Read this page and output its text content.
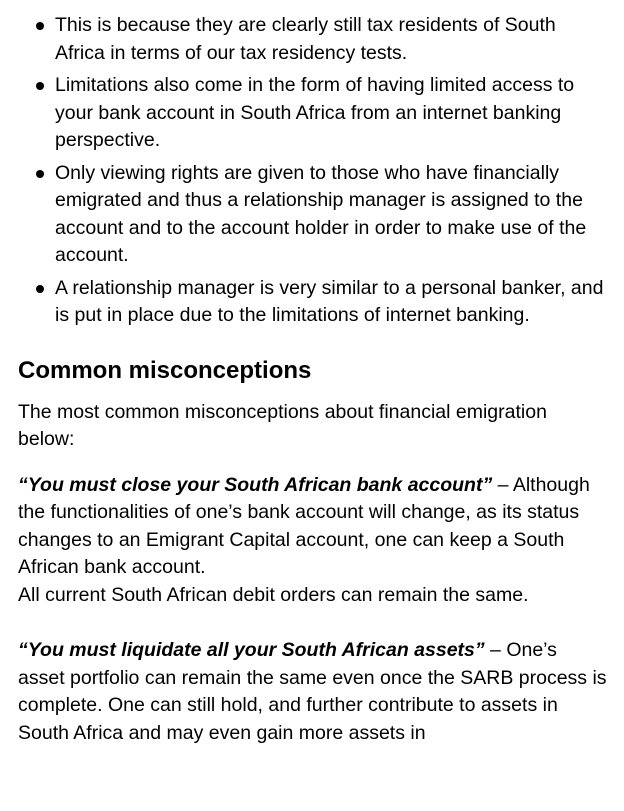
This is because they are clearly still tax residents of South Africa in terms of our tax residency tests.
Limitations also come in the form of having limited access to your bank account in South Africa from an internet banking perspective.
Only viewing rights are given to those who have financially emigrated and thus a relationship manager is assigned to the account and to the account holder in order to make use of the account.
A relationship manager is very similar to a personal banker, and is put in place due to the limitations of internet banking.
Common misconceptions

The most common misconceptions about financial emigration below:

“You must close your South African bank account” – Although the functionalities of one’s bank account will change, as its status changes to an Emigrant Capital account, one can keep a South African bank account.

All current South African debit orders can remain the same.

“You must liquidate all your South African assets” – One’s asset portfolio can remain the same even once the SARB process is complete. One can still hold, and further contribute to assets in South Africa and may even gain more assets in
